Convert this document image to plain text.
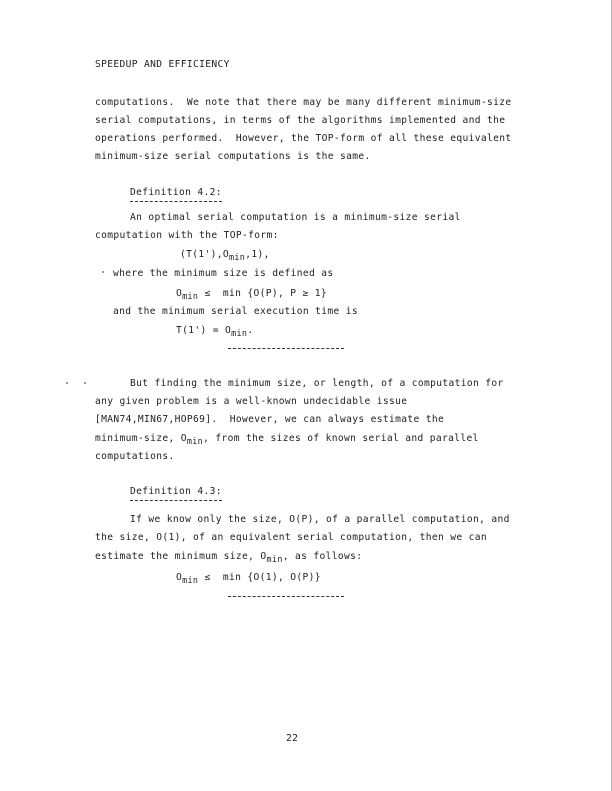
SPEEDUP AND EFFICIENCY
computations.  We note that there may be many different minimum-size
serial computations, in terms of the algorithms implemented and the
operations performed.  However, the TOP-form of all these equivalent
minimum-size serial computations is the same.
Definition 4.2:
An optimal serial computation is a minimum-size serial
computation with the TOP-form:
(T(1'),Omin,1),
where the minimum size is defined as
Omin ≤  min {O(P), P ≥ 1}
and the minimum serial execution time is
T(1') = Omin.
But finding the minimum size, or length, of a computation for
any given problem is a well-known undecidable issue
[MAN74,MIN67,HOP69].  However, we can always estimate the
minimum-size, Omin, from the sizes of known serial and parallel
computations.
Definition 4.3:
If we know only the size, O(P), of a parallel computation, and
the size, O(1), of an equivalent serial computation, then we can
estimate the minimum size, Omin, as follows:
Omin ≤  min {O(1), O(P)}
22
